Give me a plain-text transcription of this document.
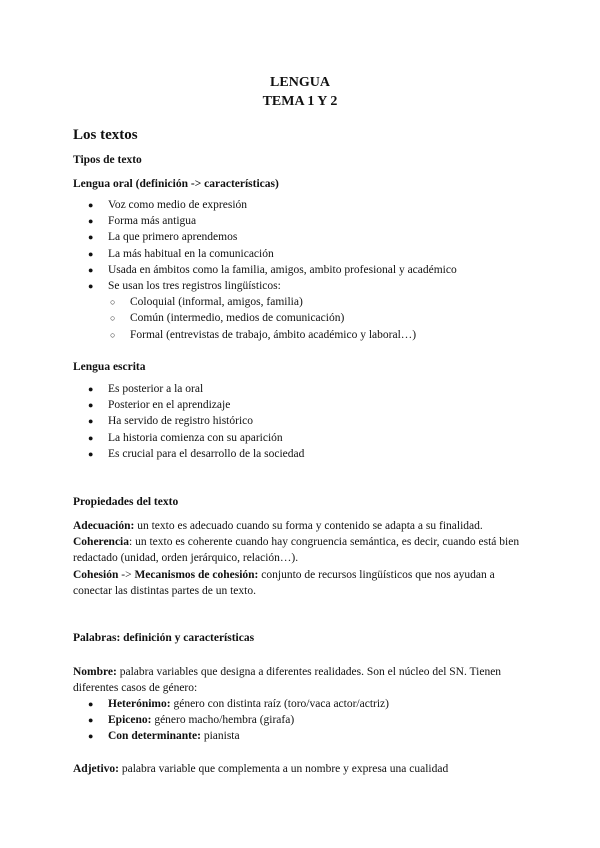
LENGUA
TEMA 1 Y 2
Los textos
Tipos de texto
Lengua oral (definición -> características)
● Voz como medio de expresión
● Forma más antigua
● La que primero aprendemos
● La más habitual en la comunicación
● Usada en ámbitos como la familia, amigos, ambito profesional y académico
● Se usan los tres registros lingüísticos:
○ Coloquial (informal, amigos, familia)
○ Común (intermedio, medios de comunicación)
○ Formal (entrevistas de trabajo, ámbito académico y laboral…)
Lengua escrita
● Es posterior a la oral
● Posterior en el aprendizaje
● Ha servido de registro histórico
● La historia comienza con su aparición
● Es crucial para el desarrollo de la sociedad
Propiedades del texto
Adecuación: un texto es adecuado cuando su forma y contenido se adapta a su finalidad.
Coherencia: un texto es coherente cuando hay congruencia semántica, es decir, cuando está bien redactado (unidad, orden jerárquico, relación…).
Cohesión -> Mecanismos de cohesión: conjunto de recursos lingüísticos que nos ayudan a conectar las distintas partes de un texto.
Palabras: definición y características
Nombre: palabra variables que designa a diferentes realidades. Son el núcleo del SN. Tienen diferentes casos de género:
● Heterónimo: género con distinta raíz (toro/vaca actor/actriz)
● Epiceno: género macho/hembra (girafa)
● Con determinante: pianista
Adjetivo: palabra variable que complementa a un nombre y expresa una cualidad
